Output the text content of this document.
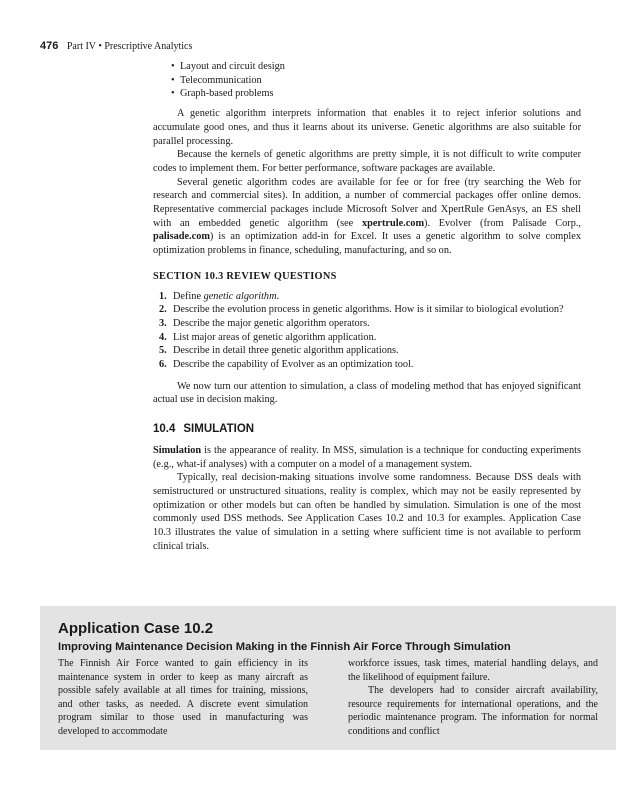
476 Part IV • Prescriptive Analytics
• Layout and circuit design
• Telecommunication
• Graph-based problems

A genetic algorithm interprets information that enables it to reject inferior solutions and accumulate good ones, and thus it learns about its universe. Genetic algorithms are also suitable for parallel processing.

Because the kernels of genetic algorithms are pretty simple, it is not difficult to write computer codes to implement them. For better performance, software packages are available.

Several genetic algorithm codes are available for fee or for free (try searching the Web for research and commercial sites). In addition, a number of commercial packages offer online demos. Representative commercial packages include Microsoft Solver and XpertRule GenAsys, an ES shell with an embedded genetic algorithm (see xpertrule.com). Evolver (from Palisade Corp., palisade.com) is an optimization add-in for Excel. It uses a genetic algorithm to solve complex optimization problems in finance, scheduling, manufacturing, and so on.

SECTION 10.3 REVIEW QUESTIONS
1. Define genetic algorithm.
2. Describe the evolution process in genetic algorithms. How is it similar to biological evolution?
3. Describe the major genetic algorithm operators.
4. List major areas of genetic algorithm application.
5. Describe in detail three genetic algorithm applications.
6. Describe the capability of Evolver as an optimization tool.

We now turn our attention to simulation, a class of modeling method that has enjoyed significant actual use in decision making.

10.4 SIMULATION

Simulation is the appearance of reality. In MSS, simulation is a technique for conducting experiments (e.g., what-if analyses) with a computer on a model of a management system.

Typically, real decision-making situations involve some randomness. Because DSS deals with semistructured or unstructured situations, reality is complex, which may not be easily represented by optimization or other models but can often be handled by simulation. Simulation is one of the most commonly used DSS methods. See Application Cases 10.2 and 10.3 for examples. Application Case 10.3 illustrates the value of simulation in a setting where sufficient time is not available to perform clinical trials.

Application Case 10.2
Improving Maintenance Decision Making in the Finnish Air Force Through Simulation

The Finnish Air Force wanted to gain efficiency in its maintenance system in order to keep as many aircraft as possible safely available at all times for training, missions, and other tasks, as needed. A discrete event simulation program similar to those used in manufacturing was developed to accommodate

workforce issues, task times, material handling delays, and the likelihood of equipment failure.

The developers had to consider aircraft availability, resource requirements for international operations, and the periodic maintenance program. The information for normal conditions and conflict
